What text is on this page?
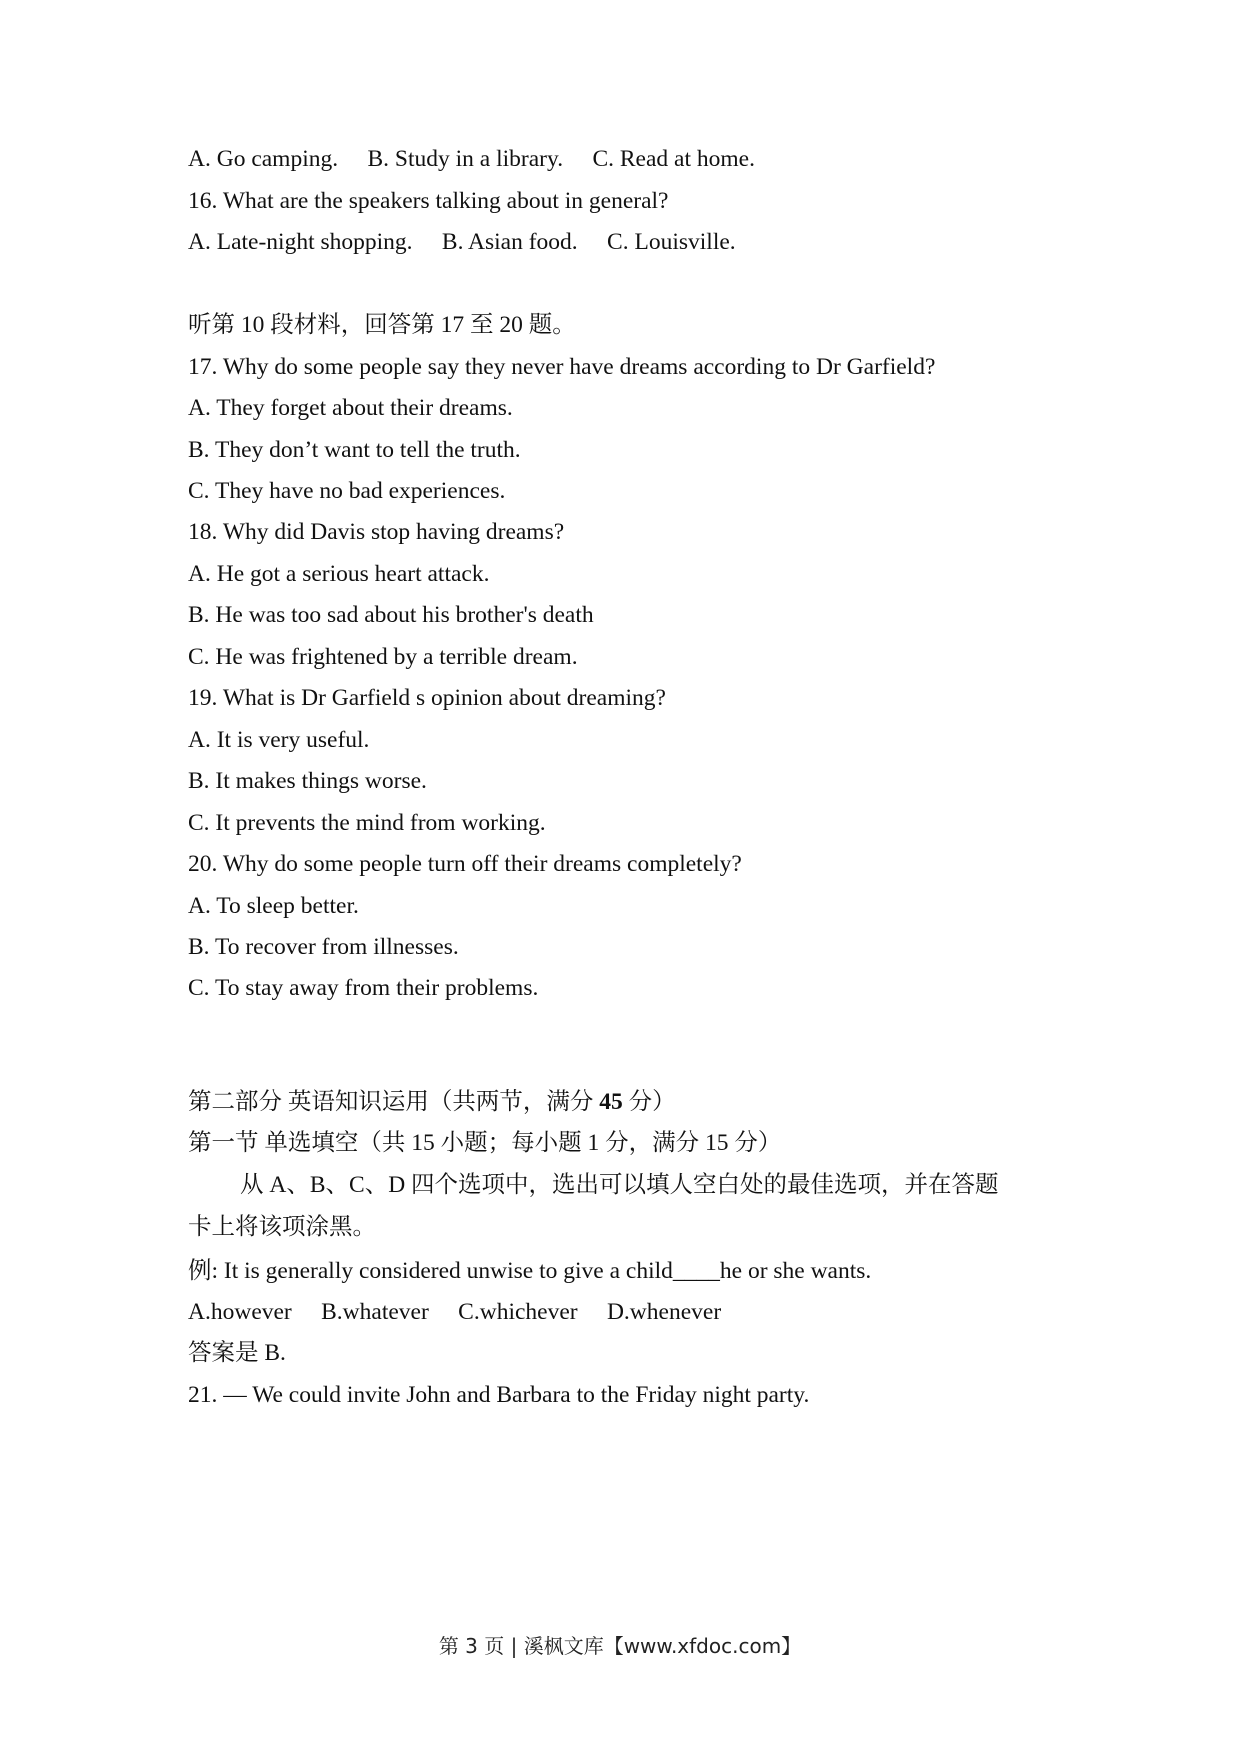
A. Go camping.     B. Study in a library.     C. Read at home.
16. What are the speakers talking about in general?
A. Late-night shopping.     B. Asian food.     C. Louisville.
听第 10 段材料，回答第 17 至 20 题。
17. Why do some people say they never have dreams according to Dr Garfield?
A. They forget about their dreams.
B. They don’t want to tell the truth.
C. They have no bad experiences.
18. Why did Davis stop having dreams?
A. He got a serious heart attack.
B. He was too sad about his brother's death
C. He was frightened by a terrible dream.
19. What is Dr Garfield s opinion about dreaming?
A. It is very useful.
B. It makes things worse.
C. It prevents the mind from working.
20. Why do some people turn off their dreams completely?
A. To sleep better.
B. To recover from illnesses.
C. To stay away from their problems.
第二部分 英语知识运用（共两节，满分 45 分）
第一节 单选填空（共 15 小题；每小题 1 分，满分 15 分）
从 A、B、C、D 四个选项中，选出可以填人空白处的最佳选项，并在答题
卡上将该项涂黑。
例: It is generally considered unwise to give a child____he or she wants.
A.however     B.whatever     C.whichever     D.whenever
答案是 B.
21. — We could invite John and Barbara to the Friday night party.
第 3 页 | 溪枫文库【www.xfdoc.com】
